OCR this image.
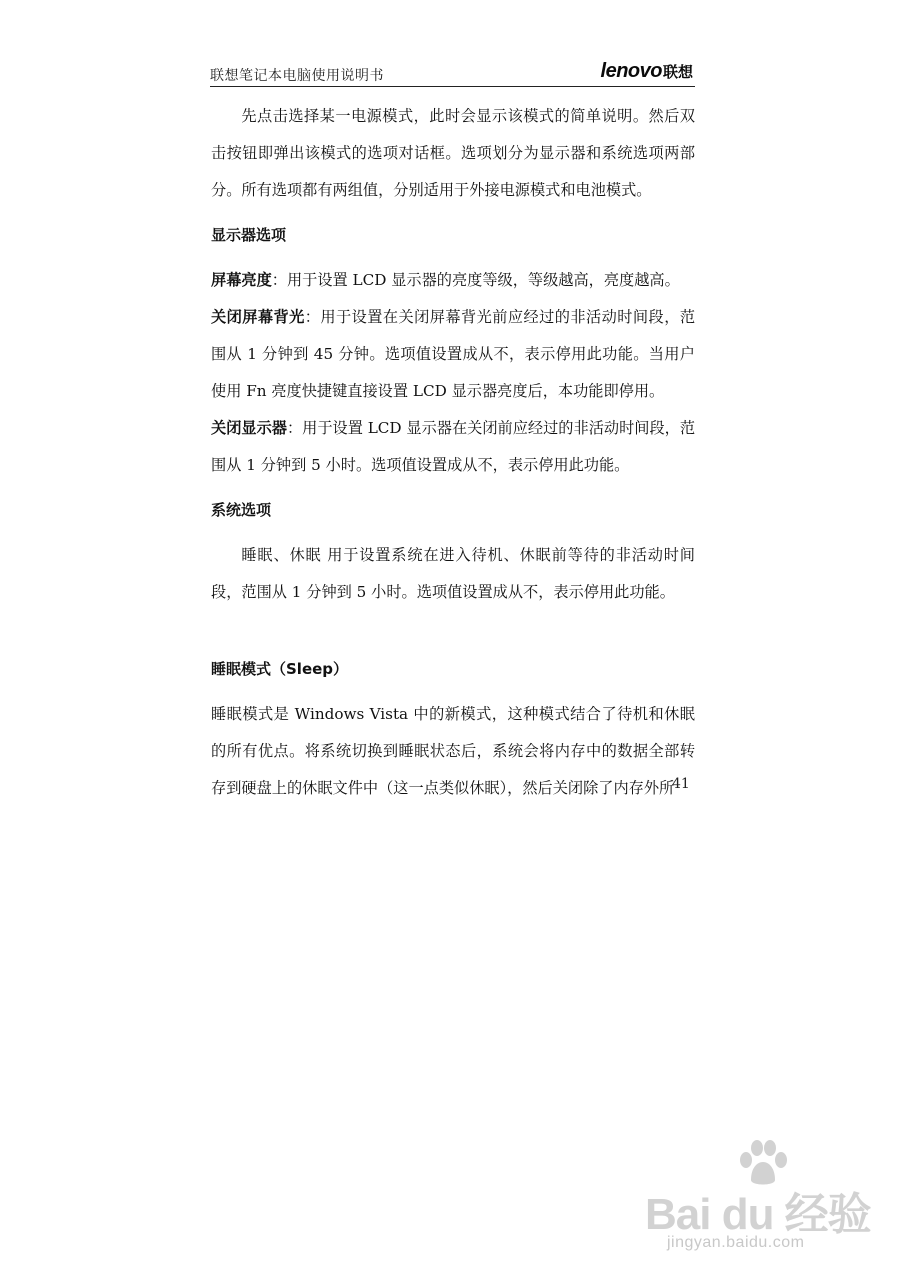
联想笔记本电脑使用说明书	lenovo联想

先点击选择某一电源模式，此时会显示该模式的简单说明。然后双击按钮即弹出该模式的选项对话框。选项划分为显示器和系统选项两部分。所有选项都有两组值，分别适用于外接电源模式和电池模式。

显示器选项

屏幕亮度：用于设置 LCD 显示器的亮度等级，等级越高，亮度越高。

关闭屏幕背光：用于设置在关闭屏幕背光前应经过的非活动时间段，范围从 1 分钟到 45 分钟。选项值设置成从不，表示停用此功能。当用户使用 Fn 亮度快捷键直接设置 LCD 显示器亮度后，本功能即停用。

关闭显示器：用于设置 LCD 显示器在关闭前应经过的非活动时间段，范围从 1 分钟到 5 小时。选项值设置成从不，表示停用此功能。

系统选项

睡眠、休眠 用于设置系统在进入待机、休眠前等待的非活动时间段，范围从 1 分钟到 5 小时。选项值设置成从不，表示停用此功能。

睡眠模式（Sleep）

睡眠模式是 Windows Vista 中的新模式，这种模式结合了待机和休眠的所有优点。将系统切换到睡眠状态后，系统会将内存中的数据全部转存到硬盘上的休眠文件中（这一点类似休眠），然后关闭除了内存外所

41
Bai du 经验
jingyan.baidu.com
